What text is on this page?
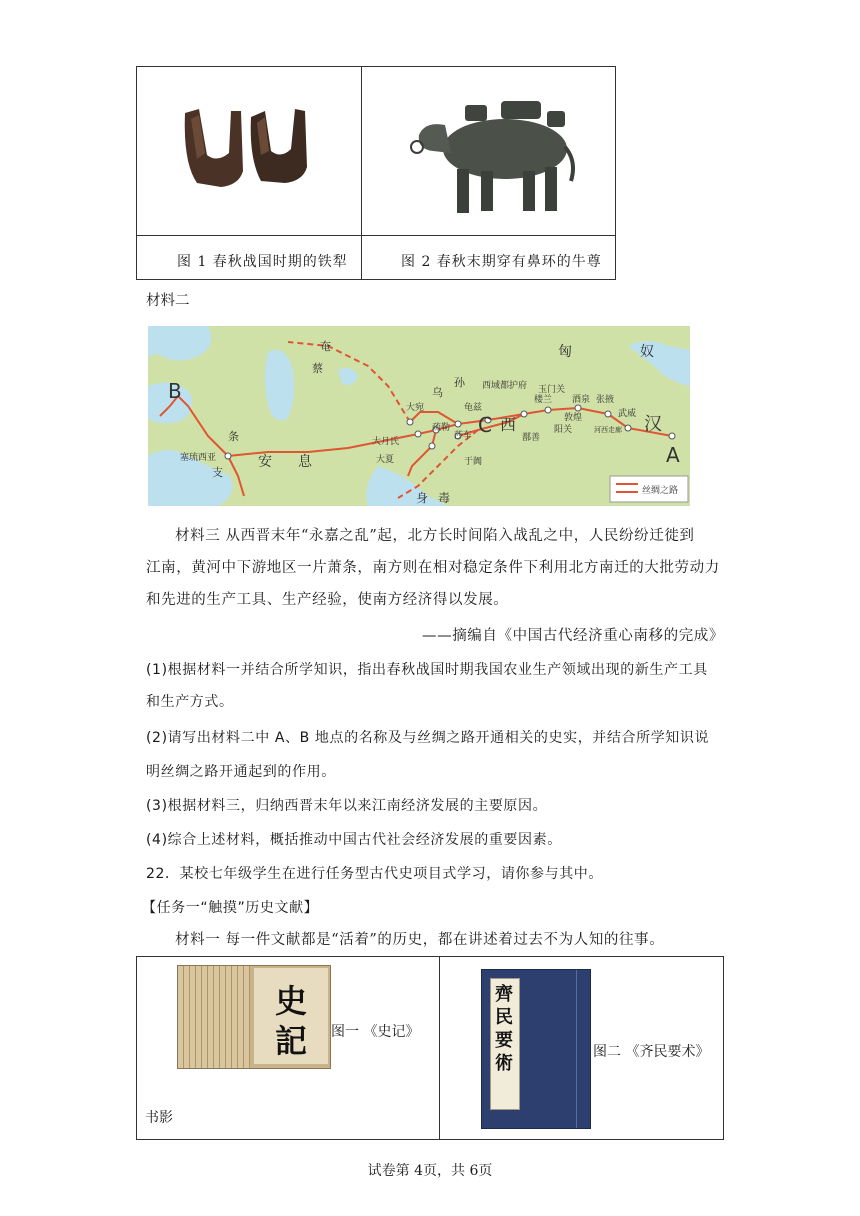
图 1 春秋战国时期的铁犁	图 2 春秋末期穿有鼻环的牛尊
材料二
A
B
C	汉
西
匈	奴
奄
蔡
乌
孙
安 息
条
支
身 毒
西域都护府
楼兰
玉门关
敦煌
酒泉 张掖
武威
阳关	河西走廊
龟兹
大宛
疏勒
莎车
于阗
鄯善
大月氏
大夏
塞琉西亚
丝绸之路
材料三 从西晋末年“永嘉之乱”起，北方长时间陷入战乱之中，人民纷纷迁徙到
江南，黄河中下游地区一片萧条，南方则在相对稳定条件下利用北方南迁的大批劳动力
和先进的生产工具、生产经验，使南方经济得以发展。
——摘编自《中国古代经济重心南移的完成》
(1)根据材料一并结合所学知识，指出春秋战国时期我国农业生产领域出现的新生产工具
和生产方式。
(2)请写出材料二中 A、B 地点的名称及与丝绸之路开通相关的史实，并结合所学知识说
明丝绸之路开通起到的作用。
(3)根据材料三，归纳西晋末年以来江南经济发展的主要原因。
(4)综合上述材料，概括推动中国古代社会经济发展的重要因素。
22．某校七年级学生在进行任务型古代史项目式学习，请你参与其中。
【任务一“触摸”历史文献】
材料一 每一件文献都是“活着”的历史，都在讲述着过去不为人知的往事。
史
記	图一 《史记》
书影
齊民要術
图二 《齐民要术》
试卷第 4页，共 6页
